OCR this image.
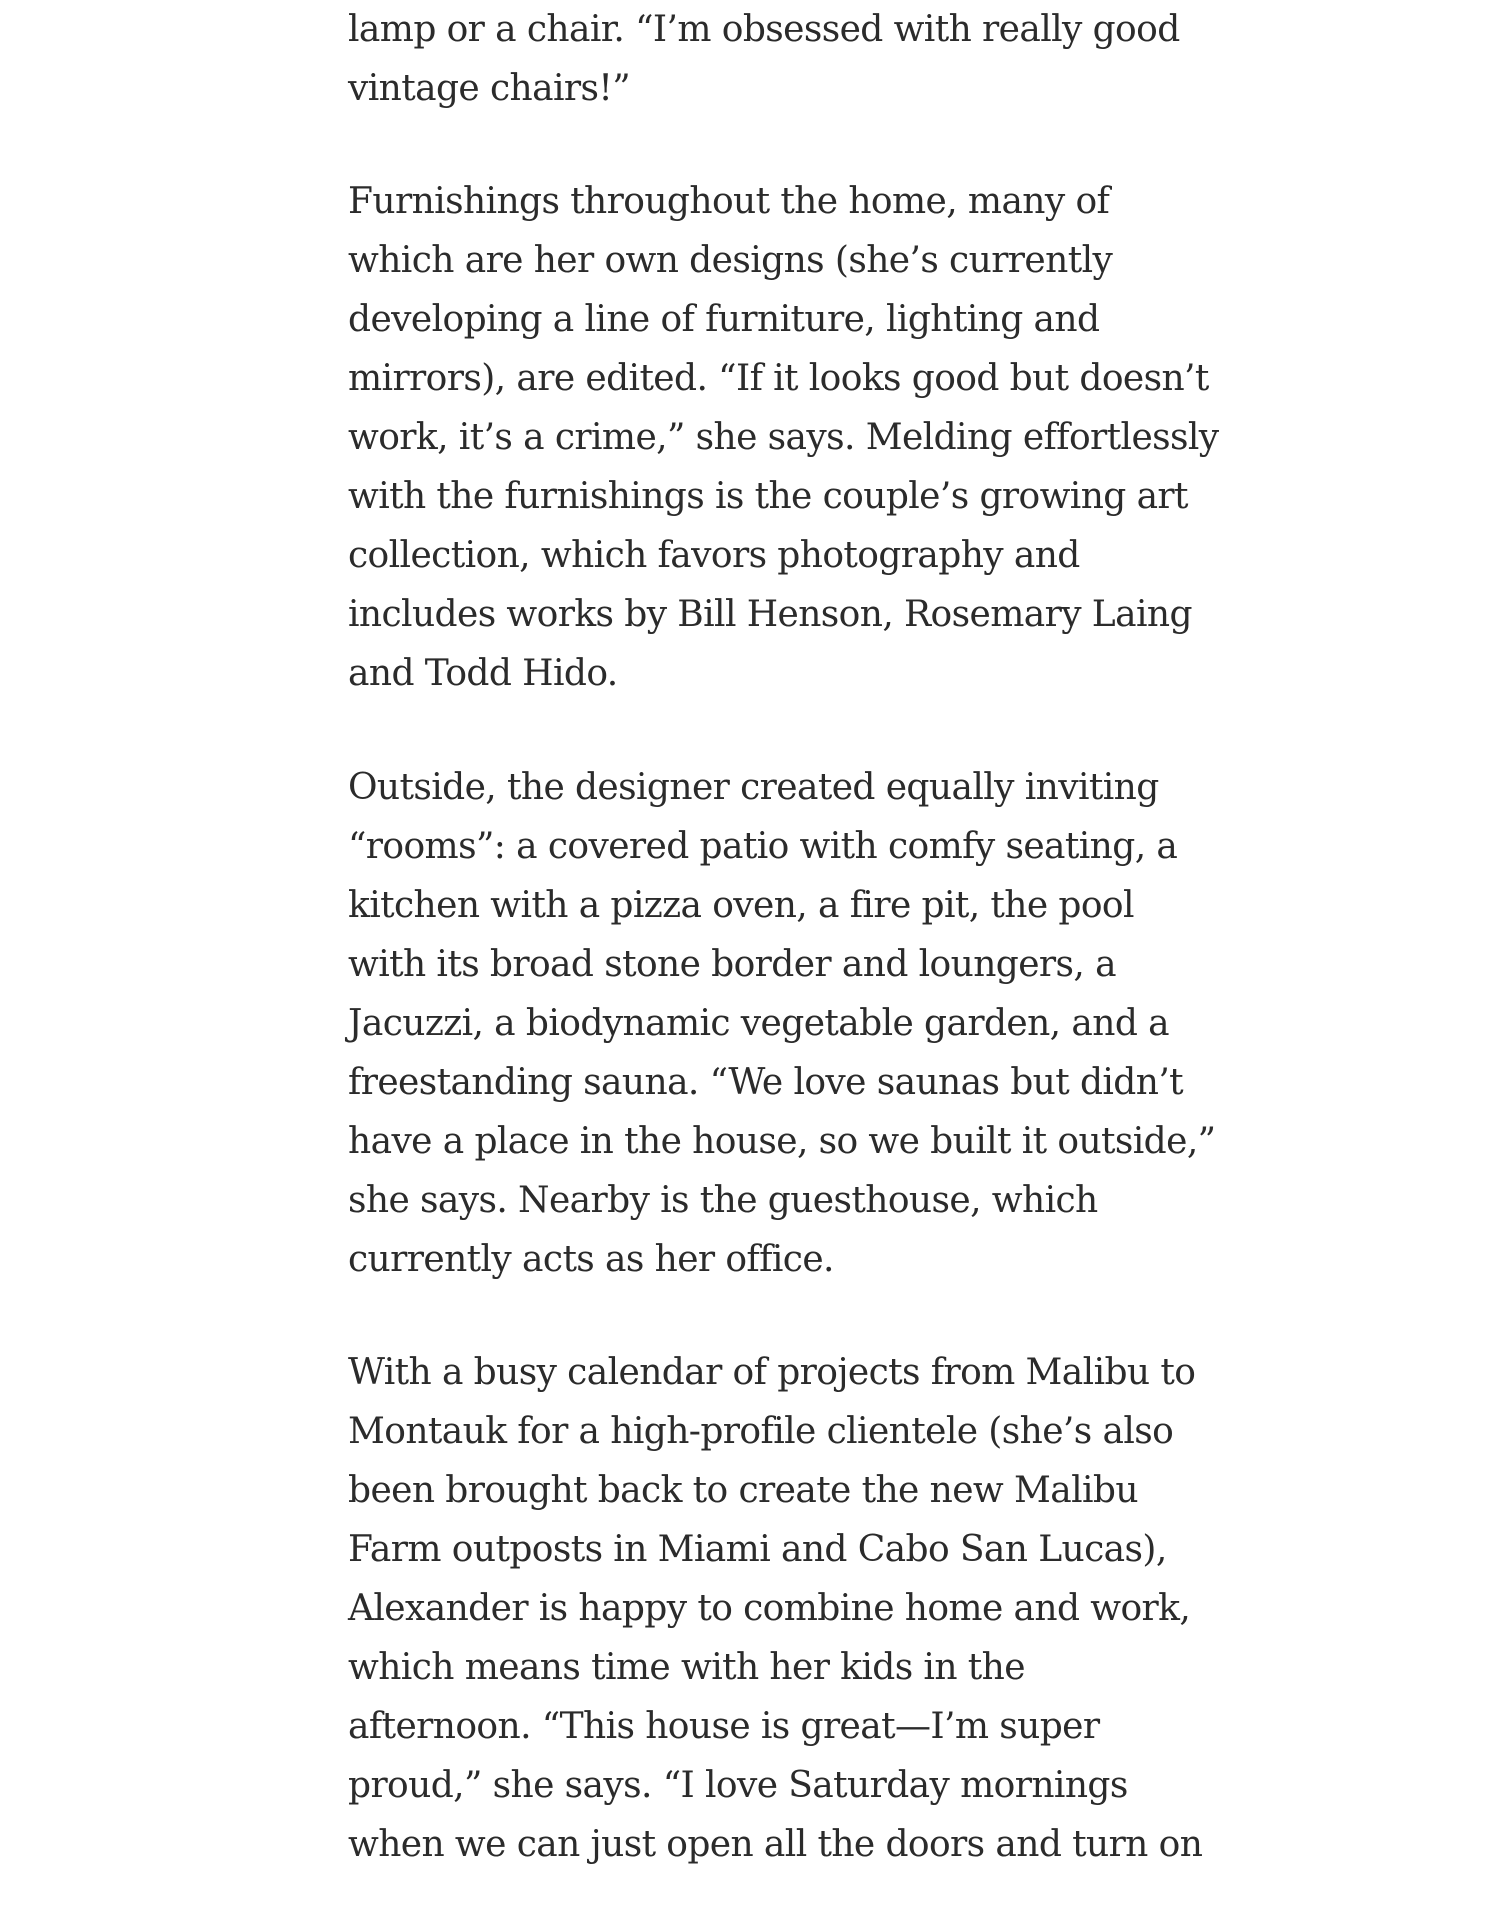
lamp or a chair. “I’m obsessed with really good
vintage chairs!”

Furnishings throughout the home, many of
which are her own designs (she’s currently
developing a line of furniture, lighting and
mirrors), are edited. “If it looks good but doesn’t
work, it’s a crime,” she says. Melding effortlessly
with the furnishings is the couple’s growing art
collection, which favors photography and
includes works by Bill Henson, Rosemary Laing
and Todd Hido.

Outside, the designer created equally inviting
“rooms”: a covered patio with comfy seating, a
kitchen with a pizza oven, a fire pit, the pool
with its broad stone border and loungers, a
Jacuzzi, a biodynamic vegetable garden, and a
freestanding sauna. “We love saunas but didn’t
have a place in the house, so we built it outside,”
she says. Nearby is the guesthouse, which
currently acts as her office.

With a busy calendar of projects from Malibu to
Montauk for a high-profile clientele (she’s also
been brought back to create the new Malibu
Farm outposts in Miami and Cabo San Lucas),
Alexander is happy to combine home and work,
which means time with her kids in the
afternoon. “This house is great—I’m super
proud,” she says. “I love Saturday mornings
when we can just open all the doors and turn on
